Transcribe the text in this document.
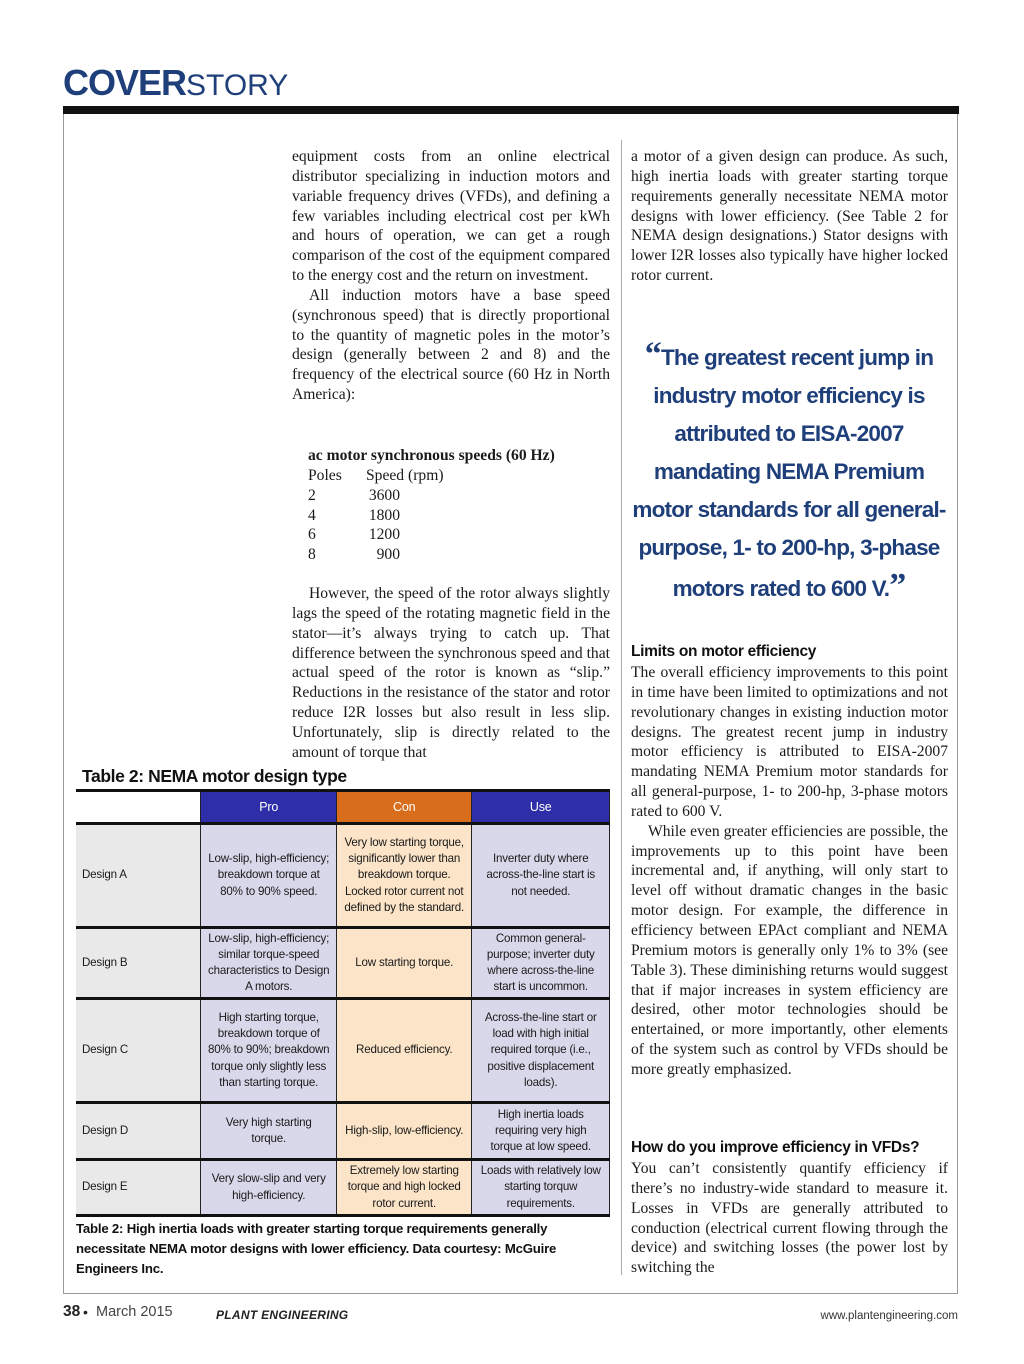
COVERSTORY

equipment costs from an online electrical distributor specializing in induction motors and variable frequency drives (VFDs), and defining a few variables including electrical cost per kWh and hours of operation, we can get a rough comparison of the cost of the equipment compared to the energy cost and the return on investment.

All induction motors have a base speed (synchronous speed) that is directly proportional to the quantity of magnetic poles in the motor’s design (generally between 2 and 8) and the frequency of the electrical source (60 Hz in North America):

ac motor synchronous speeds (60 Hz)
Poles	Speed (rpm)
2	3600
4	1800
6	1200
8	900
However, the speed of the rotor always slightly lags the speed of the rotating magnetic field in the stator—it’s always trying to catch up. That difference between the synchronous speed and that actual speed of the rotor is known as “slip.” Reductions in the resistance of the stator and rotor reduce I2R losses but also result in less slip. Unfortunately, slip is directly related to the amount of torque that
a motor of a given design can produce. As such, high inertia loads with greater starting torque requirements generally necessitate NEMA motor designs with lower efficiency. (See Table 2 for NEMA design designations.) Stator designs with lower I2R losses also typically have higher locked rotor current.
“The greatest recent jump in industry motor efficiency is attributed to EISA-2007 mandating NEMA Premium motor standards for all general-purpose, 1- to 200-hp, 3-phase motors rated to 600 V.”
Limits on motor efficiency

The overall efficiency improvements to this point in time have been limited to optimizations and not revolutionary changes in existing induction motor designs. The greatest recent jump in industry motor efficiency is attributed to EISA-2007 mandating NEMA Premium motor standards for all general-purpose, 1- to 200-hp, 3-phase motors rated to 600 V.

While even greater efficiencies are possible, the improvements up to this point have been incremental and, if anything, will only start to level off without dramatic changes in the basic motor design. For example, the difference in efficiency between EPAct compliant and NEMA Premium motors is generally only 1% to 3% (see Table 3). These diminishing returns would suggest that if major increases in system efficiency are desired, other motor technologies should be entertained, or more importantly, other elements of the system such as control by VFDs should be more greatly emphasized.

How do you improve efficiency in VFDs?
You can’t consistently quantify efficiency if there’s no industry-wide standard to measure it. Losses in VFDs are generally attributed to conduction (electrical current flowing through the device) and switching losses (the power lost by switching the
Table 2: NEMA motor design type
	Pro	Con	Use
Design A	Low-slip, high-efficiency; breakdown torque at 80% to 90% speed.	Very low starting torque, significantly lower than breakdown torque. Locked rotor current not defined by the standard.	Inverter duty where across-the-line start is not needed.
Design B	Low-slip, high-efficiency; similar torque-speed characteristics to Design A motors.	Low starting torque.	Common general-purpose; inverter duty where across-the-line start is uncommon.
Design C	High starting torque, breakdown torque of 80% to 90%; breakdown torque only slightly less than starting torque.	Reduced efficiency.	Across-the-line start or load with high initial required torque (i.e., positive displacement loads).
Design D	Very high starting torque.	High-slip, low-efficiency.	High inertia loads requiring very high torque at low speed.
Design E	Very slow-slip and very high-efficiency.	Extremely low starting torque and high locked rotor current.	Loads with relatively low starting torquw requirements.
Table 2: High inertia loads with greater starting torque requirements generally necessitate NEMA motor designs with lower efficiency. Data courtesy: McGuire Engineers Inc.
38 • March 2015	PLANT ENGINEERING	www.plantengineering.com
